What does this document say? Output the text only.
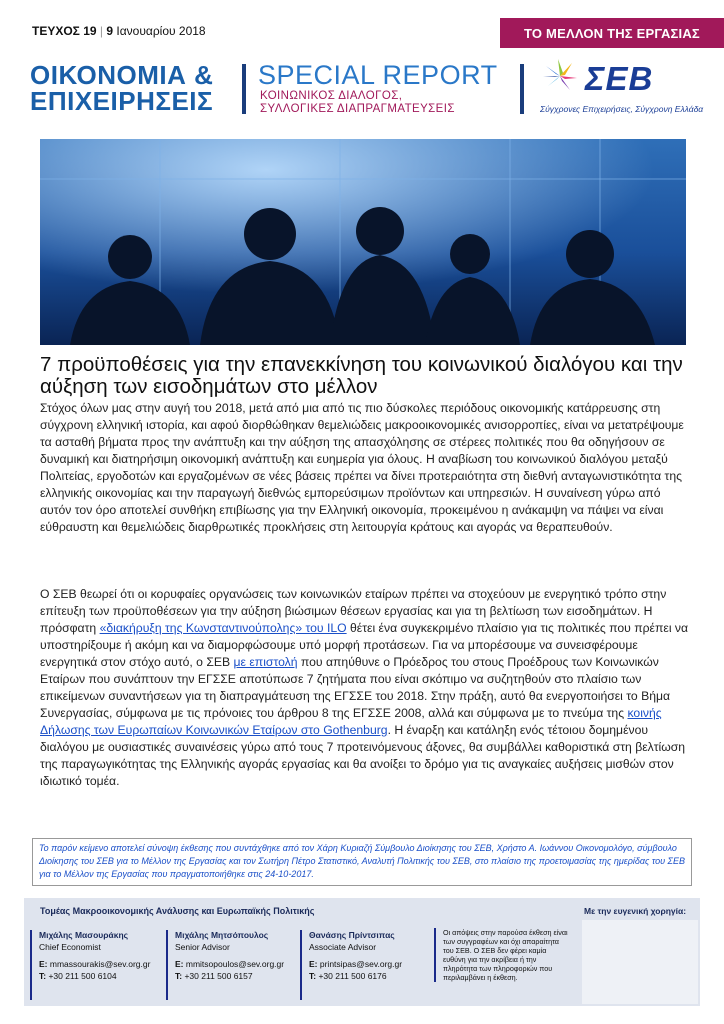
ΤΕΥΧΟΣ 19 | 9 Ιανουαρίου 2018	ΤΟ ΜΕΛΛΟΝ ΤΗΣ ΕΡΓΑΣΙΑΣ
ΟΙΚΟΝΟΜΙΑ &
ΕΠΙΧΕΙΡΗΣΕΙΣ
SPECIAL REPORT
ΚΟΙΝΩΝΙΚΟΣ ΔΙΑΛΟΓΟΣ,
ΣΥΛΛΟΓΙΚΕΣ ΔΙΑΠΡΑΓΜΑΤΕΥΣΕΙΣ
ΣΕΒ
Σύγχρονες Επιχειρήσεις, Σύγχρονη Ελλάδα
7 προϋποθέσεις για την επανεκκίνηση του κοινωνικού διαλόγου και την αύξηση των εισοδημάτων στο μέλλον

Στόχος όλων μας στην αυγή του 2018, μετά από μια από τις πιο δύσκολες περιόδους οικονομικής κατάρρευσης στη σύγχρονη ελληνική ιστορία, και αφού διορθώθηκαν θεμελιώδεις μακροοικονομικές ανισορροπίες, είναι να μετατρέψουμε τα ασταθή βήματα προς την ανάπτυξη και την αύξηση της απασχόλησης σε στέρεες πολιτικές που θα οδηγήσουν σε δυναμική και διατηρήσιμη οικονομική ανάπτυξη και ευημερία για όλους. Η αναβίωση του κοινωνικού διαλόγου μεταξύ Πολιτείας, εργοδοτών και εργαζομένων σε νέες βάσεις πρέπει να δίνει προτεραιότητα στη διεθνή ανταγωνιστικότητα της ελληνικής οικονομίας και την παραγωγή διεθνώς εμπορεύσιμων προϊόντων και υπηρεσιών. Η συναίνεση γύρω από αυτόν τον όρο αποτελεί συνθήκη επιβίωσης για την Ελληνική οικονομία, προκειμένου η ανάκαμψη να πάψει να είναι εύθραυστη και θεμελιώδεις διαρθρωτικές προκλήσεις στη λειτουργία κράτους και αγοράς να θεραπευθούν.

Ο ΣΕΒ θεωρεί ότι οι κορυφαίες οργανώσεις των κοινωνικών εταίρων πρέπει να στοχεύουν με ενεργητικό τρόπο στην επίτευξη των προϋποθέσεων για την αύξηση βιώσιμων θέσεων εργασίας και για τη βελτίωση των εισοδημάτων. Η πρόσφατη «διακήρυξη της Κωνσταντινούπολης» του ILO θέτει ένα συγκεκριμένο πλαίσιο για τις πολιτικές που πρέπει να υποστηρίξουμε ή ακόμη και να διαμορφώσουμε υπό μορφή προτάσεων. Για να μπορέσουμε να συνεισφέρουμε ενεργητικά στον στόχο αυτό, ο ΣΕΒ με επιστολή που απηύθυνε ο Πρόεδρος του στους Προέδρους των Κοινωνικών Εταίρων που συνάπτουν την ΕΓΣΣΕ αποτύπωσε 7 ζητήματα που είναι σκόπιμο να συζητηθούν στο πλαίσιο των επικείμενων συναντήσεων για τη διαπραγμάτευση της ΕΓΣΣΕ του 2018. Στην πράξη, αυτό θα ενεργοποιήσει το Βήμα Συνεργασίας, σύμφωνα με τις πρόνοιες του άρθρου 8 της ΕΓΣΣΕ 2008, αλλά και σύμφωνα με το πνεύμα της κοινής Δήλωσης των Ευρωπαίων Κοινωνικών Εταίρων στο Gothenburg. Η έναρξη και κατάληξη ενός τέτοιου δομημένου διαλόγου με ουσιαστικές συναινέσεις γύρω από τους 7 προτεινόμενους άξονες, θα συμβάλλει καθοριστικά στη βελτίωση της παραγωγικότητας της Ελληνικής αγοράς εργασίας και θα ανοίξει το δρόμο για τις αναγκαίες αυξήσεις μισθών στον ιδιωτικό τομέα.

Το παρόν κείμενο αποτελεί σύνοψη έκθεσης που συντάχθηκε από τον Χάρη Κυριαζή Σύμβουλο Διοίκησης του ΣΕΒ, Χρήστο Α. Ιωάννου Οικονομολόγο, σύμβουλο Διοίκησης του ΣΕΒ για το Μέλλον της Εργασίας και τον Σωτήρη Πέτρο Στατιστικό, Αναλυτή Πολιτικής του ΣΕΒ, στο πλαίσιο της προετοιμασίας της ημερίδας του ΣΕΒ για το Μέλλον της Εργασίας που πραγματοποιήθηκε στις 24-10-2017.
Τομέας Μακροοικονομικής Ανάλυσης και Ευρωπαϊκής Πολιτικής	Με την ευγενική χορηγία:
Μιχάλης Μασουράκης
Chief Economist
E: mmassourakis@sev.org.gr
T: +30 211 500 6104
Μιχάλης Μητσόπουλος
Senior Advisor
E: mmitsopoulos@sev.org.gr
T: +30 211 500 6157
Θανάσης Πρίντσιπας
Associate Advisor
E: printsipas@sev.org.gr
T: +30 211 500 6176
Οι απόψεις στην παρούσα έκθεση είναι των συγγραφέων και όχι απαραίτητα του ΣΕΒ. Ο ΣΕΒ δεν φέρει καμία ευθύνη για την ακρίβεια ή την πληρότητα των πληροφοριών που περιλαμβάνει η έκθεση.
